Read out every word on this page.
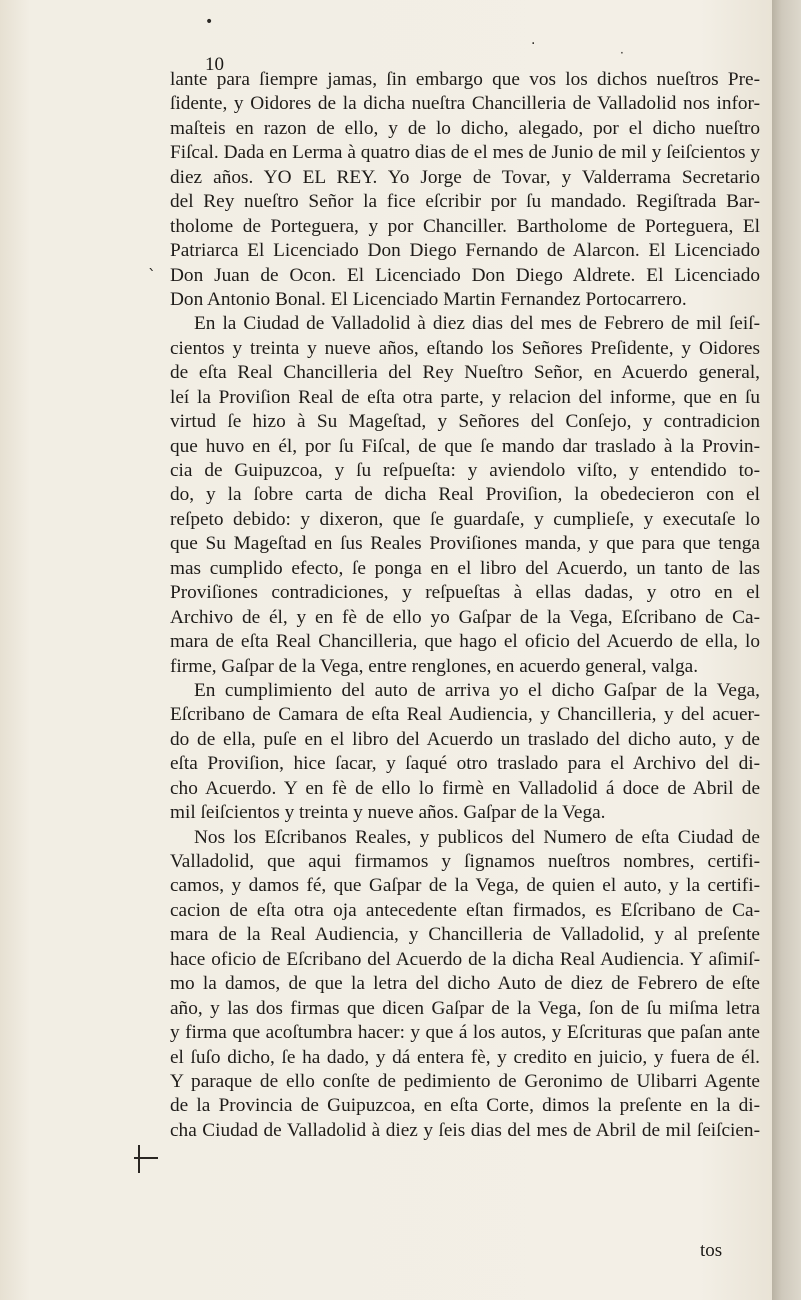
10
•
·
·
ˎ
lante para ſiempre jamas, ſin embargo que vos los dichos nueſtros Pre-
ſidente, y Oidores de la dicha nueſtra Chancilleria de Valladolid nos infor-
maſteis en razon de ello, y de lo dicho, alegado, por el dicho nueſtro
Fiſcal. Dada en Lerma à quatro dias de el mes de Junio de mil y ſeiſcientos y
diez años. YO EL REY. Yo Jorge de Tovar, y Valderrama Secretario
del Rey nueſtro Señor la fice eſcribir por ſu mandado. Regiſtrada Bar-
tholome de Porteguera, y por Chanciller. Bartholome de Porteguera, El
Patriarca El Licenciado Don Diego Fernando de Alarcon. El Licenciado
Don Juan de Ocon. El Licenciado Don Diego Aldrete. El Licenciado
Don Antonio Bonal. El Licenciado Martin Fernandez Portocarrero.
En la Ciudad de Valladolid à diez dias del mes de Febrero de mil ſeiſ-
cientos y treinta y nueve años, eſtando los Señores Preſidente, y Oidores
de eſta Real Chancilleria del Rey Nueſtro Señor, en Acuerdo general,
leí la Proviſion Real de eſta otra parte, y relacion del informe, que en ſu
virtud ſe hizo à Su Mageſtad, y Señores del Conſejo, y contradicion
que huvo en él, por ſu Fiſcal, de que ſe mando dar traslado à la Provin-
cia de Guipuzcoa, y ſu reſpueſta: y aviendolo viſto, y entendido to-
do, y la ſobre carta de dicha Real Proviſion, la obedecieron con el
reſpeto debido: y dixeron, que ſe guardaſe, y cumplieſe, y executaſe lo
que Su Mageſtad en ſus Reales Proviſiones manda, y que para que tenga
mas cumplido efecto, ſe ponga en el libro del Acuerdo, un tanto de las
Proviſiones contradiciones, y reſpueſtas à ellas dadas, y otro en el
Archivo de él, y en fè de ello yo Gaſpar de la Vega, Eſcribano de Ca-
mara de eſta Real Chancilleria, que hago el oficio del Acuerdo de ella, lo
firme, Gaſpar de la Vega, entre renglones, en acuerdo general, valga.
En cumplimiento del auto de arriva yo el dicho Gaſpar de la Vega,
Eſcribano de Camara de eſta Real Audiencia, y Chancilleria, y del acuer-
do de ella, puſe en el libro del Acuerdo un traslado del dicho auto, y de
eſta Proviſion, hice ſacar, y ſaqué otro traslado para el Archivo del di-
cho Acuerdo. Y en fè de ello lo firmè en Valladolid á doce de Abril de
mil ſeiſcientos y treinta y nueve años. Gaſpar de la Vega.
Nos los Eſcribanos Reales, y publicos del Numero de eſta Ciudad de
Valladolid, que aqui firmamos y ſignamos nueſtros nombres, certifi-
camos, y damos fé, que Gaſpar de la Vega, de quien el auto, y la certifi-
cacion de eſta otra oja antecedente eſtan firmados, es Eſcribano de Ca-
mara de la Real Audiencia, y Chancilleria de Valladolid, y al preſente
hace oficio de Eſcribano del Acuerdo de la dicha Real Audiencia. Y aſimiſ-
mo la damos, de que la letra del dicho Auto de diez de Febrero de eſte
año, y las dos firmas que dicen Gaſpar de la Vega, ſon de ſu miſma letra
y firma que acoſtumbra hacer: y que á los autos, y Eſcrituras que paſan ante
el ſuſo dicho, ſe ha dado, y dá entera fè, y credito en juicio, y fuera de él.
Y paraque de ello conſte de pedimiento de Geronimo de Ulibarri Agente
de la Provincia de Guipuzcoa, en eſta Corte, dimos la preſente en la di-
cha Ciudad de Valladolid à diez y ſeis dias del mes de Abril de mil ſeiſcien-
tos
